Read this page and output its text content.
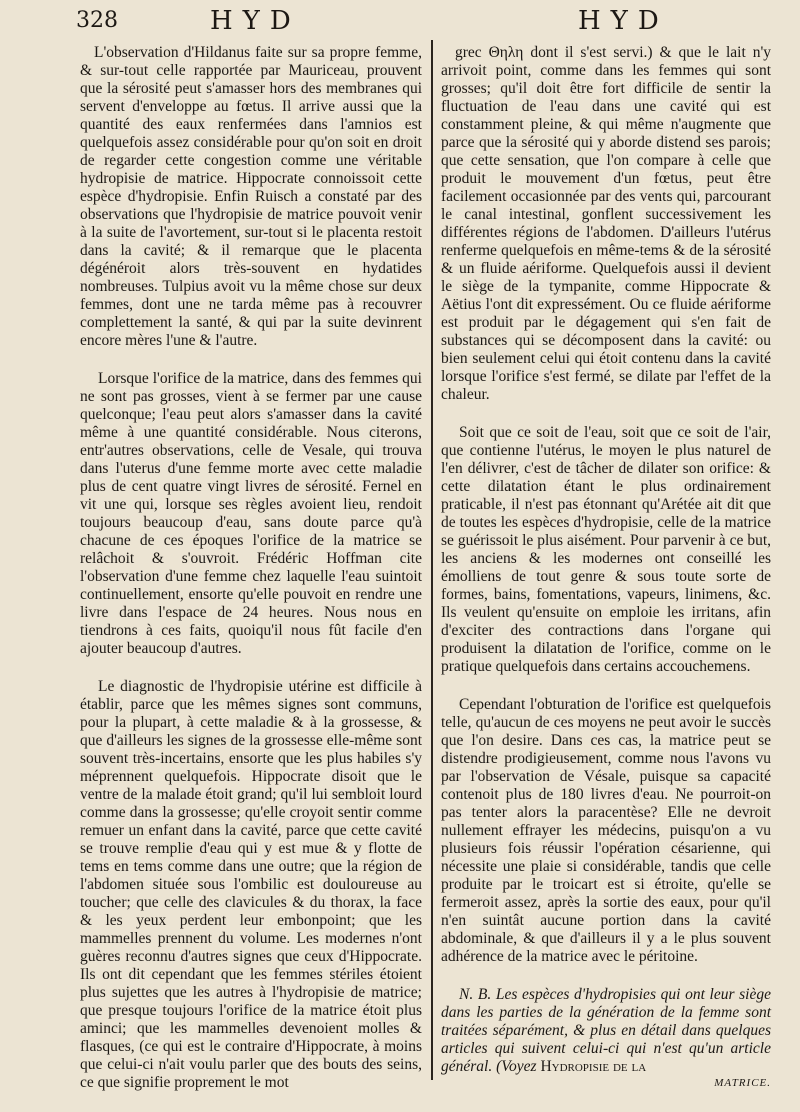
328	HYD	HYD

L'observation d'Hildanus faite sur sa propre femme, & sur-tout celle rapportée par Mauriceau, prouvent que la sérosité peut s'amasser hors des membranes qui servent d'enveloppe au fœtus. Il arrive aussi que la quantité des eaux renfermées dans l'amnios est quelquefois assez considérable pour qu'on soit en droit de regarder cette congestion comme une véritable hydropisie de matrice. Hippocrate connoissoit cette espèce d'hydropisie. Enfin Ruisch a constaté par des observations que l'hydropisie de matrice pouvoit venir à la suite de l'avortement, sur-tout si le placenta restoit dans la cavité; & il remarque que le placenta dégénéroit alors très-souvent en hydatides nombreuses. Tulpius avoit vu la même chose sur deux femmes, dont une ne tarda même pas à recouvrer complettement la santé, & qui par la suite devinrent encore mères l'une & l'autre.

Lorsque l'orifice de la matrice, dans des femmes qui ne sont pas grosses, vient à se fermer par une cause quelconque; l'eau peut alors s'amasser dans la cavité même à une quantité considérable. Nous citerons, entr'autres observations, celle de Vesale, qui trouva dans l'uterus d'une femme morte avec cette maladie plus de cent quatre vingt livres de sérosité. Fernel en vit une qui, lorsque ses règles avoient lieu, rendoit toujours beaucoup d'eau, sans doute parce qu'à chacune de ces époques l'orifice de la matrice se relâchoit & s'ouvroit. Frédéric Hoffman cite l'observation d'une femme chez laquelle l'eau suintoit continuellement, ensorte qu'elle pouvoit en rendre une livre dans l'espace de 24 heures. Nous nous en tiendrons à ces faits, quoiqu'il nous fût facile d'en ajouter beaucoup d'autres.

Le diagnostic de l'hydropisie utérine est difficile à établir, parce que les mêmes signes sont communs, pour la plupart, à cette maladie & à la grossesse, & que d'ailleurs les signes de la grossesse elle-même sont souvent très-incertains, ensorte que les plus habiles s'y méprennent quelquefois. Hippocrate disoit que le ventre de la malade étoit grand; qu'il lui sembloit lourd comme dans la grossesse; qu'elle croyoit sentir comme remuer un enfant dans la cavité, parce que cette cavité se trouve remplie d'eau qui y est mue & y flotte de tems en tems comme dans une outre; que la région de l'abdomen située sous l'ombilic est douloureuse au toucher; que celle des clavicules & du thorax, la face & les yeux perdent leur embonpoint; que les mammelles prennent du volume. Les modernes n'ont guères reconnu d'autres signes que ceux d'Hippocrate. Ils ont dit cependant que les femmes stériles étoient plus sujettes que les autres à l'hydropisie de matrice; que presque toujours l'orifice de la matrice étoit plus aminci; que les mammelles devenoient molles & flasques, (ce qui est le contraire d'Hippocrate, à moins que celui-ci n'ait voulu parler que des bouts des seins, ce que signifie proprement le mot

grec Θηλη dont il s'est servi.) & que le lait n'y arrivoit point, comme dans les femmes qui sont grosses; qu'il doit être fort difficile de sentir la fluctuation de l'eau dans une cavité qui est constamment pleine, & qui même n'augmente que parce que la sérosité qui y aborde distend ses parois; que cette sensation, que l'on compare à celle que produit le mouvement d'un fœtus, peut être facilement occasionnée par des vents qui, parcourant le canal intestinal, gonflent successivement les différentes régions de l'abdomen. D'ailleurs l'utérus renferme quelquefois en même-tems & de la sérosité & un fluide aériforme. Quelquefois aussi il devient le siège de la tympanite, comme Hippocrate & Aëtius l'ont dit expressément. Ou ce fluide aériforme est produit par le dégagement qui s'en fait de substances qui se décomposent dans la cavité: ou bien seulement celui qui étoit contenu dans la cavité lorsque l'orifice s'est fermé, se dilate par l'effet de la chaleur.

Soit que ce soit de l'eau, soit que ce soit de l'air, que contienne l'utérus, le moyen le plus naturel de l'en délivrer, c'est de tâcher de dilater son orifice: & cette dilatation étant le plus ordinairement praticable, il n'est pas étonnant qu'Arétée ait dit que de toutes les espèces d'hydropisie, celle de la matrice se guérissoit le plus aisément. Pour parvenir à ce but, les anciens & les modernes ont conseillé les émolliens de tout genre & sous toute sorte de formes, bains, fomentations, vapeurs, linimens, &c. Ils veulent qu'ensuite on emploie les irritans, afin d'exciter des contractions dans l'organe qui produisent la dilatation de l'orifice, comme on le pratique quelquefois dans certains accouchemens.

Cependant l'obturation de l'orifice est quelquefois telle, qu'aucun de ces moyens ne peut avoir le succès que l'on desire. Dans ces cas, la matrice peut se distendre prodigieusement, comme nous l'avons vu par l'observation de Vésale, puisque sa capacité contenoit plus de 180 livres d'eau. Ne pourroit-on pas tenter alors la paracentèse? Elle ne devroit nullement effrayer les médecins, puisqu'on a vu plusieurs fois réussir l'opération césarienne, qui nécessite une plaie si considérable, tandis que celle produite par le troicart est si étroite, qu'elle se fermeroit assez, après la sortie des eaux, pour qu'il n'en suintât aucune portion dans la cavité abdominale, & que d'ailleurs il y a le plus souvent adhérence de la matrice avec le péritoine.

N. B. Les espèces d'hydropisies qui ont leur siège dans les parties de la génération de la femme sont traitées séparément, & plus en détail dans quelques articles qui suivent celui-ci qui n'est qu'un article général. (Voyez Hydropisie de la
MATRICE.
